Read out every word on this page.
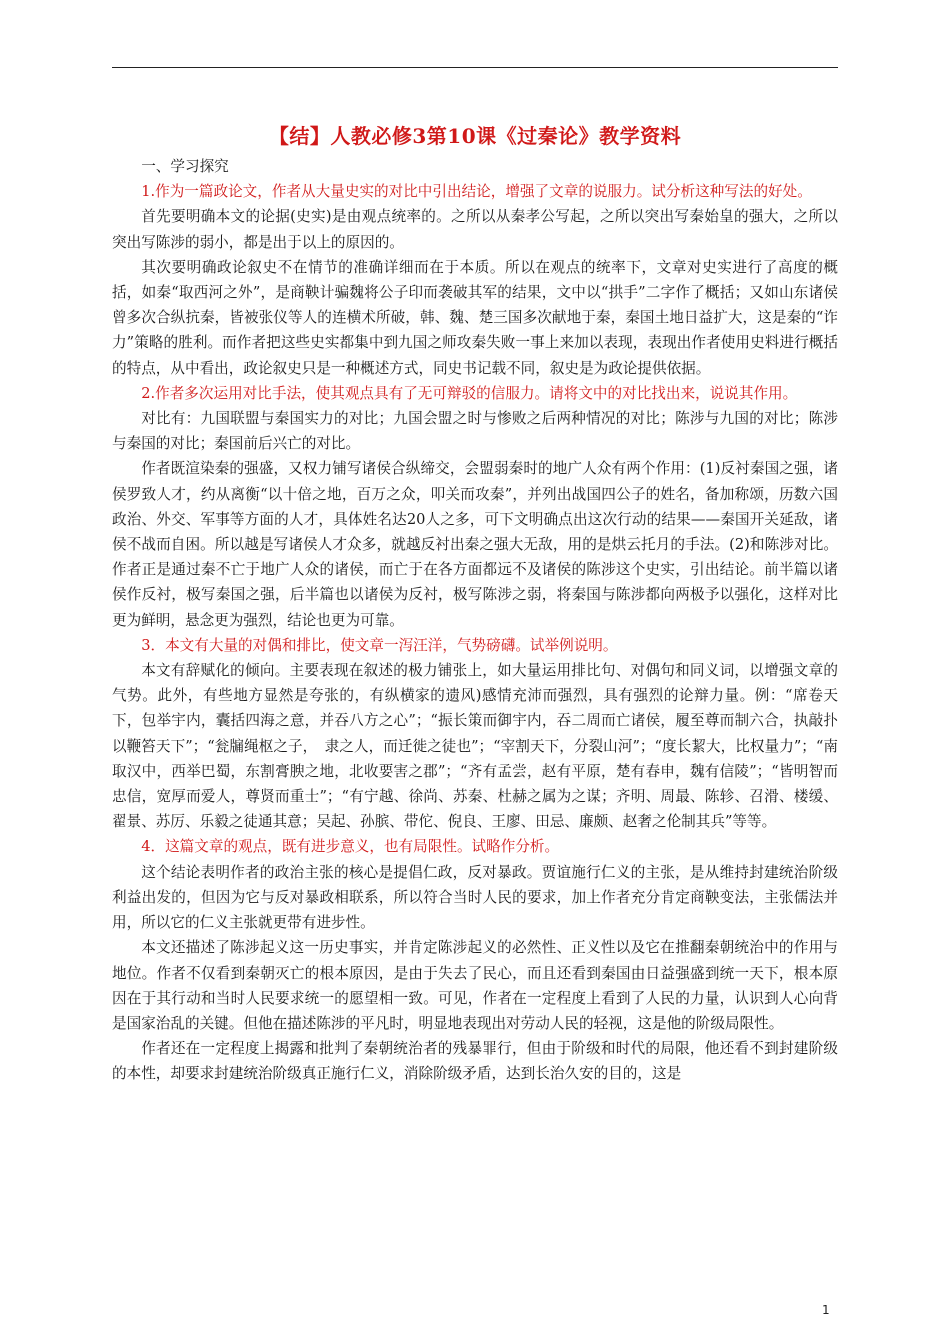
【结】人教必修3第10课《过秦论》教学资料

一、学习探究

1.作为一篇政论文，作者从大量史实的对比中引出结论，增强了文章的说服力。试分析这种写法的好处。

首先要明确本文的论据(史实)是由观点统率的。之所以从秦孝公写起，之所以突出写秦始皇的强大，之所以突出写陈涉的弱小，都是出于以上的原因的。

其次要明确政论叙史不在情节的准确详细而在于本质。所以在观点的统率下，文章对史实进行了高度的概括，如秦“取西河之外”，是商鞅计骗魏将公子印而袭破其军的结果，文中以“拱手”二字作了概括；又如山东诸侯曾多次合纵抗秦，皆被张仪等人的连横术所破，韩、魏、楚三国多次献地于秦，秦国土地日益扩大，这是秦的“诈力”策略的胜利。而作者把这些史实都集中到九国之师攻秦失败一事上来加以表现，表现出作者使用史料进行概括的特点，从中看出，政论叙史只是一种概述方式，同史书记载不同，叙史是为政论提供依据。

2.作者多次运用对比手法，使其观点具有了无可辩驳的信服力。请将文中的对比找出来，说说其作用。

对比有：九国联盟与秦国实力的对比；九国会盟之时与惨败之后两种情况的对比；陈涉与九国的对比；陈涉与秦国的对比；秦国前后兴亡的对比。

作者既渲染秦的强盛，又权力铺写诸侯合纵缔交，会盟弱秦时的地广人众有两个作用：(1)反衬秦国之强，诸侯罗致人才，约从离衡“以十倍之地，百万之众，叩关而攻秦”，并列出战国四公子的姓名，备加称颂，历数六国政治、外交、军事等方面的人才，具体姓名达20人之多，可下文明确点出这次行动的结果——秦国开关延敌，诸侯不战而自困。所以越是写诸侯人才众多，就越反衬出秦之强大无敌，用的是烘云托月的手法。(2)和陈涉对比。作者正是通过秦不亡于地广人众的诸侯，而亡于在各方面都远不及诸侯的陈涉这个史实，引出结论。前半篇以诸侯作反衬，极写秦国之强，后半篇也以诸侯为反衬，极写陈涉之弱，将秦国与陈涉都向两极予以强化，这样对比更为鲜明，悬念更为强烈，结论也更为可靠。

3．本文有大量的对偶和排比，使文章一泻汪洋，气势磅礴。试举例说明。

本文有辞赋化的倾向。主要表现在叙述的极力铺张上，如大量运用排比句、对偶句和同义词，以增强文章的气势。此外，有些地方显然是夸张的，有纵横家的遗风)感情充沛而强烈，具有强烈的论辩力量。例：“席卷天下，包举宇内，囊括四海之意，并吞八方之心”；“振长策而御宇内，吞二周而亡诸侯，履至尊而制六合，执敲扑以鞭笞天下”；“瓮牖绳枢之子，　隶之人，而迁徙之徒也”；“宰割天下，分裂山河”；“度长絜大，比权量力”；“南取汉中，西举巴蜀，东割膏腴之地，北收要害之郡”；“齐有孟尝，赵有平原，楚有春申，魏有信陵”；“皆明智而忠信，宽厚而爱人，尊贤而重士”；“有宁越、徐尚、苏秦、杜赫之属为之谋；齐明、周最、陈轸、召滑、楼缓、翟景、苏厉、乐毅之徒通其意；吴起、孙膑、带佗、倪良、王廖、田忌、廉颇、赵奢之伦制其兵”等等。

4．这篇文章的观点，既有进步意义，也有局限性。试略作分析。

这个结论表明作者的政治主张的核心是提倡仁政，反对暴政。贾谊施行仁义的主张，是从维持封建统治阶级利益出发的，但因为它与反对暴政相联系，所以符合当时人民的要求，加上作者充分肯定商鞅变法，主张儒法并用，所以它的仁义主张就更带有进步性。

本文还描述了陈涉起义这一历史事实，并肯定陈涉起义的必然性、正义性以及它在推翻秦朝统治中的作用与地位。作者不仅看到秦朝灭亡的根本原因，是由于失去了民心，而且还看到秦国由日益强盛到统一天下，根本原因在于其行动和当时人民要求统一的愿望相一致。可见，作者在一定程度上看到了人民的力量，认识到人心向背是国家治乱的关键。但他在描述陈涉的平凡时，明显地表现出对劳动人民的轻视，这是他的阶级局限性。

作者还在一定程度上揭露和批判了秦朝统治者的残暴罪行，但由于阶级和时代的局限，他还看不到封建阶级的本性，却要求封建统治阶级真正施行仁义，消除阶级矛盾，达到长治久安的目的，这是

1
